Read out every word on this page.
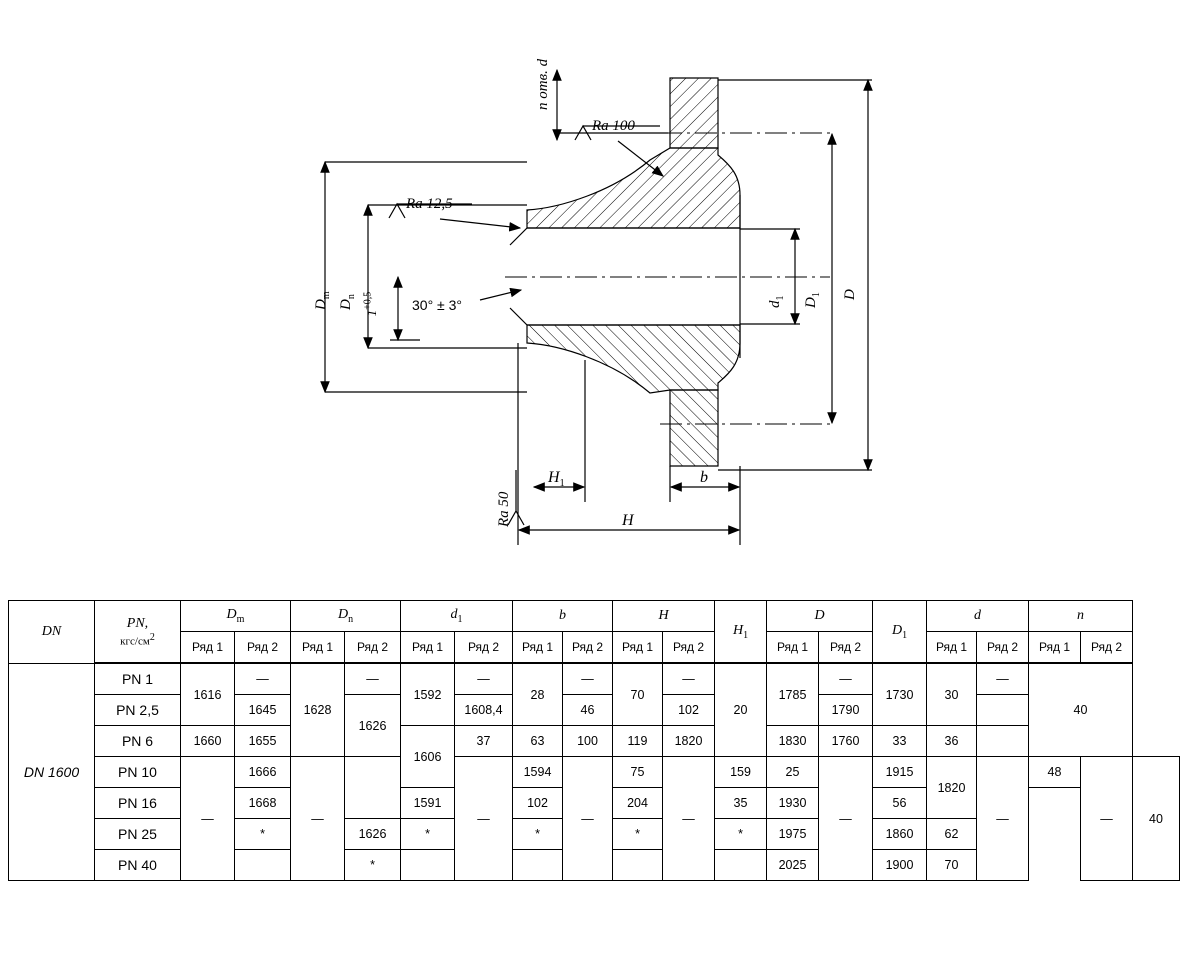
n отв. d
Ra 100
Ra 12,5
Ra 50
30° ± 3°
$1^{+0,5}$
$D_m$
$D_n$
$d_1$ $D_1$ D
b
H
$H_1$
DN	PN,
кгс/см2	$D_m$		$D_n$		$d_1$		b		H		$H_1$	D		$D_1$	d		n		
		Ряд 1	Ряд 2	Ряд 1	Ряд 2	Ряд 1	Ряд 2	Ряд 1	Ряд 2	Ряд 1	Ряд 2		Ряд 1	Ряд 2		Ряд 1	Ряд 2	Ряд 1	Ряд 2	
DN 1600	PN 1	1616	—	1628	—	1592	—	28	—	70	—	20	1785	—	1730	30	—	40		
	PN 2,5		1645		1626		1608,4		46		102			1790						
	PN 6	1660	1655			1606	37	63	100	119	1820		1830	1760	33	36				
	PN 10	—	1666	—			—	1594	—	75	—	159	25	—	1915	1820	—	48	—	40
	PN 16		1668			1591		102		204		35	1930		56					
	PN 25		*		1626	*		*		*		*	1975		1860	62				
	PN 40				*								2025		1900	70				
